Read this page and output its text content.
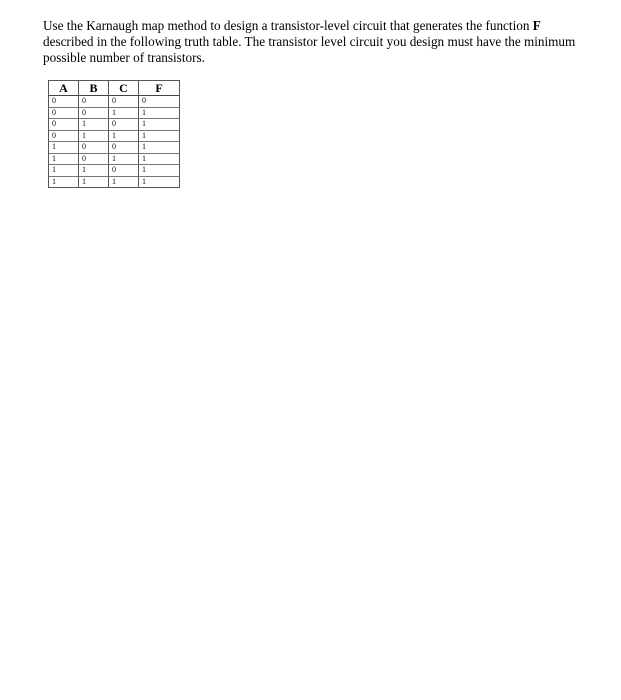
Use the Karnaugh map method to design a transistor-level circuit that generates the function F described in the following truth table. The transistor level circuit you design must have the minimum possible number of transistors.

A	B	C	F
0	0	0	0
0	0	1	1
0	1	0	1
0	1	1	1
1	0	0	1
1	0	1	1
1	1	0	1
1	1	1	1
